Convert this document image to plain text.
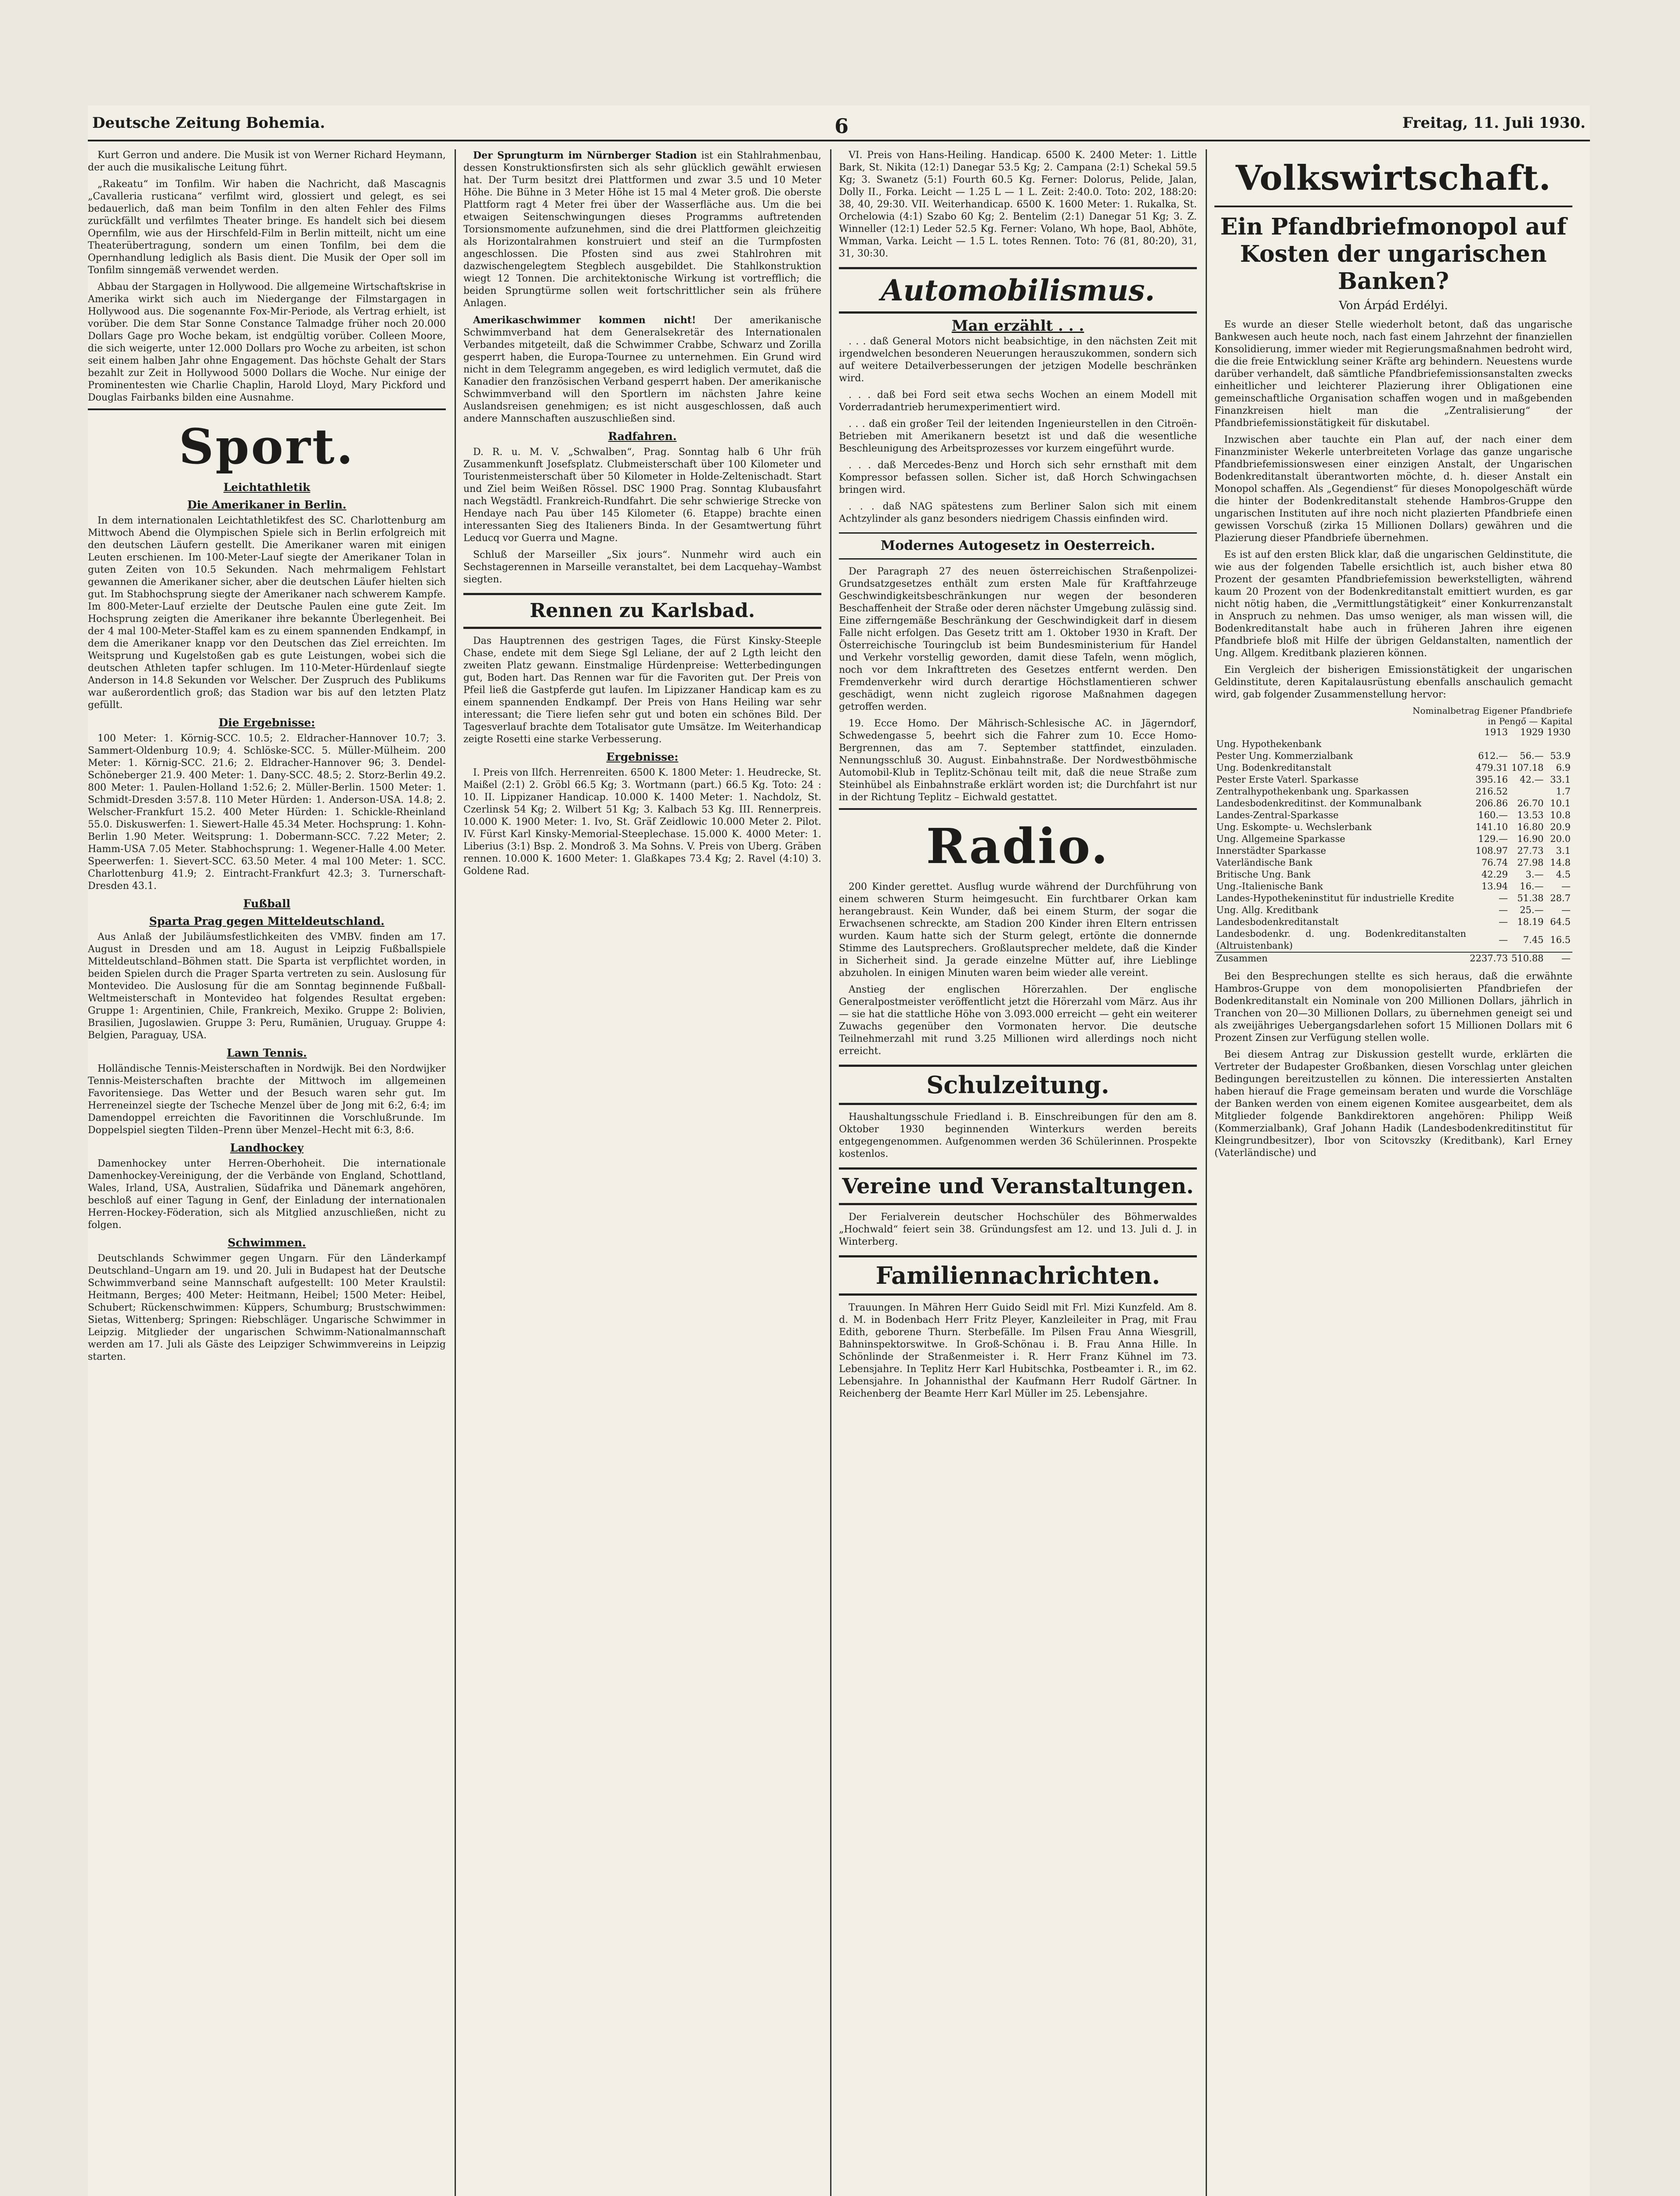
Deutsche Zeitung Bohemia.	6	Freitag, 11. Juli 1930.

Kurt Gerron und andere. Die Musik ist von Werner Richard Heymann, der auch die musikalische Leitung führt.

„Rakeatu“ im Tonfilm. Wir haben die Nachricht, daß Mascagnis „Cavalleria rusticana“ verfilmt wird, glossiert und gelegt, es sei bedauerlich, daß man beim Tonfilm in den alten Fehler des Films zurückfällt und verfilmtes Theater bringe. Es handelt sich bei diesem Opernfilm, wie aus der Hirschfeld-Film in Berlin mitteilt, nicht um eine Theaterübertragung, sondern um einen Tonfilm, bei dem die Opernhandlung lediglich als Basis dient. Die Musik der Oper soll im Tonfilm sinngemäß verwendet werden.

Abbau der Stargagen in Hollywood. Die allgemeine Wirtschaftskrise in Amerika wirkt sich auch im Niedergange der Filmstargagen in Hollywood aus. Die sogenannte Fox-Mir-Periode, als Vertrag erhielt, ist vorüber. Die dem Star Sonne Constance Talmadge früher noch 20.000 Dollars Gage pro Woche bekam, ist endgültig vorüber. Colleen Moore, die sich weigerte, unter 12.000 Dollars pro Woche zu arbeiten, ist schon seit einem halben Jahr ohne Engagement. Das höchste Gehalt der Stars bezahlt zur Zeit in Hollywood 5000 Dollars die Woche. Nur einige der Prominentesten wie Charlie Chaplin, Harold Lloyd, Mary Pickford und Douglas Fairbanks bilden eine Ausnahme.

Sport.
Leichtathletik
Die Amerikaner in Berlin.

In dem internationalen Leichtathletikfest des SC. Charlottenburg am Mittwoch Abend die Olympischen Spiele sich in Berlin erfolgreich mit den deutschen Läufern gestellt. Die Amerikaner waren mit einigen Leuten erschienen. Im 100-Meter-Lauf siegte der Amerikaner Tolan in guten Zeiten von 10.5 Sekunden. Nach mehrmaligem Fehlstart gewannen die Amerikaner sicher, aber die deutschen Läufer hielten sich gut. Im Stabhochsprung siegte der Amerikaner nach schwerem Kampfe. Im 800-Meter-Lauf erzielte der Deutsche Paulen eine gute Zeit. Im Hochsprung zeigten die Amerikaner ihre bekannte Überlegenheit. Bei der 4 mal 100-Meter-Staffel kam es zu einem spannenden Endkampf, in dem die Amerikaner knapp vor den Deutschen das Ziel erreichten. Im Weitsprung und Kugelstoßen gab es gute Leistungen, wobei sich die deutschen Athleten tapfer schlugen. Im 110-Meter-Hürdenlauf siegte Anderson in 14.8 Sekunden vor Welscher. Der Zuspruch des Publikums war außerordentlich groß; das Stadion war bis auf den letzten Platz gefüllt.

Die Ergebnisse:

100 Meter: 1. Körnig-SCC. 10.5; 2. Eldracher-Hannover 10.7; 3. Sammert-Oldenburg 10.9; 4. Schlöske-SCC. 5. Müller-Mülheim. 200 Meter: 1. Körnig-SCC. 21.6; 2. Eldracher-Hannover 96; 3. Dendel-Schöneberger 21.9. 400 Meter: 1. Dany-SCC. 48.5; 2. Storz-Berlin 49.2. 800 Meter: 1. Paulen-Holland 1:52.6; 2. Müller-Berlin. 1500 Meter: 1. Schmidt-Dresden 3:57.8. 110 Meter Hürden: 1. Anderson-USA. 14.8; 2. Welscher-Frankfurt 15.2. 400 Meter Hürden: 1. Schickle-Rheinland 55.0. Diskuswerfen: 1. Siewert-Halle 45.34 Meter. Hochsprung: 1. Kohn-Berlin 1.90 Meter. Weitsprung: 1. Dobermann-SCC. 7.22 Meter; 2. Hamm-USA 7.05 Meter. Stabhochsprung: 1. Wegener-Halle 4.00 Meter. Speerwerfen: 1. Sievert-SCC. 63.50 Meter. 4 mal 100 Meter: 1. SCC. Charlottenburg 41.9; 2. Eintracht-Frankfurt 42.3; 3. Turnerschaft-Dresden 43.1.

Fußball
Sparta Prag gegen Mitteldeutschland.

Aus Anlaß der Jubiläumsfestlichkeiten des VMBV. finden am 17. August in Dresden und am 18. August in Leipzig Fußballspiele Mitteldeutschland–Böhmen statt. Die Sparta ist verpflichtet worden, in beiden Spielen durch die Prager Sparta vertreten zu sein. Auslosung für Montevideo. Die Auslosung für die am Sonntag beginnende Fußball-Weltmeisterschaft in Montevideo hat folgendes Resultat ergeben: Gruppe 1: Argentinien, Chile, Frankreich, Mexiko. Gruppe 2: Bolivien, Brasilien, Jugoslawien. Gruppe 3: Peru, Rumänien, Uruguay. Gruppe 4: Belgien, Paraguay, USA.

Lawn Tennis.

Holländische Tennis-Meisterschaften in Nordwijk. Bei den Nordwijker Tennis-Meisterschaften brachte der Mittwoch im allgemeinen Favoritensiege. Das Wetter und der Besuch waren sehr gut. Im Herreneinzel siegte der Tscheche Menzel über de Jong mit 6:2, 6:4; im Damendoppel erreichten die Favoritinnen die Vorschlußrunde. Im Doppelspiel siegten Tilden–Prenn über Menzel–Hecht mit 6:3, 8:6.

Landhockey

Damenhockey unter Herren-Oberhoheit. Die internationale Damenhockey-Vereinigung, der die Verbände von England, Schottland, Wales, Irland, USA, Australien, Südafrika und Dänemark angehören, beschloß auf einer Tagung in Genf, der Einladung der internationalen Herren-Hockey-Föderation, sich als Mitglied anzuschließen, nicht zu folgen.

Schwimmen.

Deutschlands Schwimmer gegen Ungarn. Für den Länderkampf Deutschland–Ungarn am 19. und 20. Juli in Budapest hat der Deutsche Schwimmverband seine Mannschaft aufgestellt: 100 Meter Kraulstil: Heitmann, Berges; 400 Meter: Heitmann, Heibel; 1500 Meter: Heibel, Schubert; Rückenschwimmen: Küppers, Schumburg; Brustschwimmen: Sietas, Wittenberg; Springen: Riebschläger. Ungarische Schwimmer in Leipzig. Mitglieder der ungarischen Schwimm-Nationalmannschaft werden am 17. Juli als Gäste des Leipziger Schwimmvereins in Leipzig starten.

Der Sprungturm im Nürnberger Stadion ist ein Stahlrahmenbau, dessen Konstruktionsfirsten sich als sehr glücklich gewählt erwiesen hat. Der Turm besitzt drei Plattformen und zwar 3.5 und 10 Meter Höhe. Die Bühne in 3 Meter Höhe ist 15 mal 4 Meter groß. Die oberste Plattform ragt 4 Meter frei über der Wasserfläche aus. Um die bei etwaigen Seitenschwingungen dieses Programms auftretenden Torsionsmomente aufzunehmen, sind die drei Plattformen gleichzeitig als Horizontalrahmen konstruiert und steif an die Turmpfosten angeschlossen. Die Pfosten sind aus zwei Stahlrohren mit dazwischengelegtem Stegblech ausgebildet. Die Stahlkonstruktion wiegt 12 Tonnen. Die architektonische Wirkung ist vortrefflich; die beiden Sprungtürme sollen weit fortschrittlicher sein als frühere Anlagen.

Amerikaschwimmer kommen nicht! Der amerikanische Schwimmverband hat dem Generalsekretär des Internationalen Verbandes mitgeteilt, daß die Schwimmer Crabbe, Schwarz und Zorilla gesperrt haben, die Europa-Tournee zu unternehmen. Ein Grund wird nicht in dem Telegramm angegeben, es wird lediglich vermutet, daß die Kanadier den französischen Verband gesperrt haben. Der amerikanische Schwimmverband will den Sportlern im nächsten Jahre keine Auslandsreisen genehmigen; es ist nicht ausgeschlossen, daß auch andere Mannschaften auszuschließen sind.

Radfahren.

D. R. u. M. V. „Schwalben“, Prag. Sonntag halb 6 Uhr früh Zusammenkunft Josefsplatz. Clubmeisterschaft über 100 Kilometer und Touristenmeisterschaft über 50 Kilometer in Holde-Zeltenischadt. Start und Ziel beim Weißen Rössel. DSC 1900 Prag. Sonntag Klubausfahrt nach Wegstädtl. Frankreich-Rundfahrt. Die sehr schwierige Strecke von Hendaye nach Pau über 145 Kilometer (6. Etappe) brachte einen interessanten Sieg des Italieners Binda. In der Gesamtwertung führt Leducq vor Guerra und Magne.

Schluß der Marseiller „Six jours“. Nunmehr wird auch ein Sechstagerennen in Marseille veranstaltet, bei dem Lacquehay–Wambst siegten.

Rennen zu Karlsbad.

Das Hauptrennen des gestrigen Tages, die Fürst Kinsky-Steeple Chase, endete mit dem Siege Sgl Leliane, der auf 2 Lgth leicht den zweiten Platz gewann. Einstmalige Hürdenpreise: Wetterbedingungen gut, Boden hart. Das Rennen war für die Favoriten gut. Der Preis von Pfeil ließ die Gastpferde gut laufen. Im Lipizzaner Handicap kam es zu einem spannenden Endkampf. Der Preis von Hans Heiling war sehr interessant; die Tiere liefen sehr gut und boten ein schönes Bild. Der Tagesverlauf brachte dem Totalisator gute Umsätze. Im Weiterhandicap zeigte Rosetti eine starke Verbesserung.

Ergebnisse:

I. Preis von Ilfch. Herrenreiten. 6500 K. 1800 Meter: 1. Heudrecke, St. Maißel (2:1) 2. Gröbl 66.5 Kg; 3. Wortmann (part.) 66.5 Kg. Toto: 24 : 10. II. Lippizaner Handicap. 10.000 K. 1400 Meter: 1. Nachdolz, St. Czerlinsk 54 Kg; 2. Wilbert 51 Kg; 3. Kalbach 53 Kg. III. Rennerpreis. 10.000 K. 1900 Meter: 1. Ivo, St. Gräf Zeidlowic 10.000 Meter 2. Pilot. IV. Fürst Karl Kinsky-Memorial-Steeplechase. 15.000 K. 4000 Meter: 1. Liberius (3:1) Bsp. 2. Mondroß 3. Ma Sohns. V. Preis von Uberg. Gräben rennen. 10.000 K. 1600 Meter: 1. Glaßkapes 73.4 Kg; 2. Ravel (4:10) 3. Goldene Rad.

VI. Preis von Hans-Heiling. Handicap. 6500 K. 2400 Meter: 1. Little Bark, St. Nikita (12:1) Danegar 53.5 Kg; 2. Campana (2:1) Schekal 59.5 Kg; 3. Swanetz (5:1) Fourth 60.5 Kg. Ferner: Dolorus, Pelide, Jalan, Dolly II., Forka. Leicht — 1.25 L — 1 L. Zeit: 2:40.0. Toto: 202, 188:20: 38, 40, 29:30. VII. Weiterhandicap. 6500 K. 1600 Meter: 1. Rukalka, St. Orchelowia (4:1) Szabo 60 Kg; 2. Bentelim (2:1) Danegar 51 Kg; 3. Z. Winneller (12:1) Leder 52.5 Kg. Ferner: Volano, Wh hope, Baol, Abhöte, Wmman, Varka. Leicht — 1.5 L. totes Rennen. Toto: 76 (81, 80:20), 31, 31, 30:30.

Automobilismus.
Man erzählt . . .

. . . daß General Motors nicht beabsichtige, in den nächsten Zeit mit irgendwelchen besonderen Neuerungen herauszukommen, sondern sich auf weitere Detailverbesserungen der jetzigen Modelle beschränken wird.

. . . daß bei Ford seit etwa sechs Wochen an einem Modell mit Vorderradantrieb herumexperimentiert wird.

. . . daß ein großer Teil der leitenden Ingenieurstellen in den Citroën-Betrieben mit Amerikanern besetzt ist und daß die wesentliche Beschleunigung des Arbeitsprozesses vor kurzem eingeführt wurde.

. . . daß Mercedes-Benz und Horch sich sehr ernsthaft mit dem Kompressor befassen sollen. Sicher ist, daß Horch Schwingachsen bringen wird.

. . . daß NAG spätestens zum Berliner Salon sich mit einem Achtzylinder als ganz besonders niedrigem Chassis einfinden wird.

Modernes Autogesetz in Oesterreich.

Der Paragraph 27 des neuen österreichischen Straßenpolizei-Grundsatzgesetzes enthält zum ersten Male für Kraftfahrzeuge Geschwindigkeitsbeschränkungen nur wegen der besonderen Beschaffenheit der Straße oder deren nächster Umgebung zulässig sind. Eine zifferngemäße Beschränkung der Geschwindigkeit darf in diesem Falle nicht erfolgen. Das Gesetz tritt am 1. Oktober 1930 in Kraft. Der Österreichische Touringclub ist beim Bundesministerium für Handel und Verkehr vorstellig geworden, damit diese Tafeln, wenn möglich, noch vor dem Inkrafttreten des Gesetzes entfernt werden. Den Fremdenverkehr wird durch derartige Höchstlamentieren schwer geschädigt, wenn nicht zugleich rigorose Maßnahmen dagegen getroffen werden.

19. Ecce Homo. Der Mährisch-Schlesische AC. in Jägerndorf, Schwedengasse 5, beehrt sich die Fahrer zum 10. Ecce Homo-Bergrennen, das am 7. September stattfindet, einzuladen. Nennungsschluß 30. August. Einbahnstraße. Der Nordwestböhmische Automobil-Klub in Teplitz-Schönau teilt mit, daß die neue Straße zum Steinhübel als Einbahnstraße erklärt worden ist; die Durchfahrt ist nur in der Richtung Teplitz – Eichwald gestattet.

Radio.

200 Kinder gerettet. Ausflug wurde während der Durchführung von einem schweren Sturm heimgesucht. Ein furchtbarer Orkan kam herangebraust. Kein Wunder, daß bei einem Sturm, der sogar die Erwachsenen schreckte, am Stadion 200 Kinder ihren Eltern entrissen wurden. Kaum hatte sich der Sturm gelegt, ertönte die donnernde Stimme des Lautsprechers. Großlautsprecher meldete, daß die Kinder in Sicherheit sind. Ja gerade einzelne Mütter auf, ihre Lieblinge abzuholen. In einigen Minuten waren beim wieder alle vereint.

Anstieg der englischen Hörerzahlen. Der englische Generalpostmeister veröffentlicht jetzt die Hörerzahl vom März. Aus ihr — sie hat die stattliche Höhe von 3.093.000 erreicht — geht ein weiterer Zuwachs gegenüber den Vormonaten hervor. Die deutsche Teilnehmerzahl mit rund 3.25 Millionen wird allerdings noch nicht erreicht.

Schulzeitung.

Haushaltungsschule Friedland i. B. Einschreibungen für den am 8. Oktober 1930 beginnenden Winterkurs werden bereits entgegengenommen. Aufgenommen werden 36 Schülerinnen. Prospekte kostenlos.

Vereine und Veranstaltungen.

Der Ferialverein deutscher Hochschüler des Böhmerwaldes „Hochwald“ feiert sein 38. Gründungsfest am 12. und 13. Juli d. J. in Winterberg.

Familiennachrichten.

Trauungen. In Mähren Herr Guido Seidl mit Frl. Mizi Kunzfeld. Am 8. d. M. in Bodenbach Herr Fritz Pleyer, Kanzleileiter in Prag, mit Frau Edith, geborene Thurn. Sterbefälle. Im Pilsen Frau Anna Wiesgrill, Bahninspektorswitwe. In Groß-Schönau i. B. Frau Anna Hille. In Schönlinde der Straßenmeister i. R. Herr Franz Kühnel im 73. Lebensjahre. In Teplitz Herr Karl Hubitschka, Postbeamter i. R., im 62. Lebensjahre. In Johannisthal der Kaufmann Herr Rudolf Gärtner. In Reichenberg der Beamte Herr Karl Müller im 25. Lebensjahre.

Volkswirtschaft.
Ein Pfandbriefmonopol auf Kosten der ungarischen Banken?
Von Árpád Erdélyi.

Es wurde an dieser Stelle wiederholt betont, daß das ungarische Bankwesen auch heute noch, nach fast einem Jahrzehnt der finanziellen Konsolidierung, immer wieder mit Regierungsmaßnahmen bedroht wird, die die freie Entwicklung seiner Kräfte arg behindern. Neuestens wurde darüber verhandelt, daß sämtliche Pfandbriefemissionsanstalten zwecks einheitlicher und leichterer Plazierung ihrer Obligationen eine gemeinschaftliche Organisation schaffen wogen und in maßgebenden Finanzkreisen hielt man die „Zentralisierung“ der Pfandbriefemissionstätigkeit für diskutabel.

Inzwischen aber tauchte ein Plan auf, der nach einer dem Finanzminister Wekerle unterbreiteten Vorlage das ganze ungarische Pfandbriefemissionswesen einer einzigen Anstalt, der Ungarischen Bodenkreditanstalt überantworten möchte, d. h. dieser Anstalt ein Monopol schaffen. Als „Gegendienst“ für dieses Monopolgeschäft würde die hinter der Bodenkreditanstalt stehende Hambros-Gruppe den ungarischen Instituten auf ihre noch nicht plazierten Pfandbriefe einen gewissen Vorschuß (zirka 15 Millionen Dollars) gewähren und die Plazierung dieser Pfandbriefe übernehmen.

Es ist auf den ersten Blick klar, daß die ungarischen Geldinstitute, die wie aus der folgenden Tabelle ersichtlich ist, auch bisher etwa 80 Prozent der gesamten Pfandbriefemission bewerkstelligten, während kaum 20 Prozent von der Bodenkreditanstalt emittiert wurden, es gar nicht nötig haben, die „Vermittlungstätigkeit“ einer Konkurrenzanstalt in Anspruch zu nehmen. Das umso weniger, als man wissen will, die Bodenkreditanstalt habe auch in früheren Jahren ihre eigenen Pfandbriefe bloß mit Hilfe der übrigen Geldanstalten, namentlich der Ung. Allgem. Kreditbank plazieren können.

Ein Vergleich der bisherigen Emissionstätigkeit der ungarischen Geldinstitute, deren Kapitalausrüstung ebenfalls anschaulich gemacht wird, gab folgender Zusammenstellung hervor:

Nominalbetrag Eigener Pfandbriefe
in Pengő — Kapital
	1913	1929	1930
Ung. Hypothekenbank			
Pester Ung. Kommerzialbank	612.—	56.—	53.9
Ung. Bodenkreditanstalt	479.31	107.18	6.9
Pester Erste Vaterl. Sparkasse	395.16	42.—	33.1
Zentralhypothekenbank ung. Sparkassen	216.52		1.7
Landesbodenkreditinst. der Kommunalbank	206.86	26.70	10.1
Landes-Zentral-Sparkasse	160.—	13.53	10.8
Ung. Eskompte- u. Wechslerbank	141.10	16.80	20.9
Ung. Allgemeine Sparkasse	129.—	16.90	20.0
Innerstädter Sparkasse	108.97	27.73	3.1
Vaterländische Bank	76.74	27.98	14.8
Britische Ung. Bank	42.29	3.—	4.5
Ung.-Italienische Bank	13.94	16.—	—
Landes-Hypothekeninstitut für industrielle Kredite	—	51.38	28.7
Ung. Allg. Kreditbank	—	25.—	—
Landesbodenkreditanstalt	—	18.19	64.5
Landesbodenkr. d. ung. Bodenkreditanstalten (Altruistenbank)	—	7.45	16.5
Zusammen	2237.73	510.88	—

Bei den Besprechungen stellte es sich heraus, daß die erwähnte Hambros-Gruppe von dem monopolisierten Pfandbriefen der Bodenkreditanstalt ein Nominale von 200 Millionen Dollars, jährlich in Tranchen von 20—30 Millionen Dollars, zu übernehmen geneigt sei und als zweijähriges Uebergangsdarlehen sofort 15 Millionen Dollars mit 6 Prozent Zinsen zur Verfügung stellen wolle.

Bei diesem Antrag zur Diskussion gestellt wurde, erklärten die Vertreter der Budapester Großbanken, diesen Vorschlag unter gleichen Bedingungen bereitzustellen zu können. Die interessierten Anstalten haben hierauf die Frage gemeinsam beraten und wurde die Vorschläge der Banken werden von einem eigenen Komitee ausgearbeitet, dem als Mitglieder folgende Bankdirektoren angehören: Philipp Weiß (Kommerzialbank), Graf Johann Hadik (Landesbodenkreditinstitut für Kleingrundbesitzer), Ibor von Scitovszky (Kreditbank), Karl Erney (Vaterländische) und
